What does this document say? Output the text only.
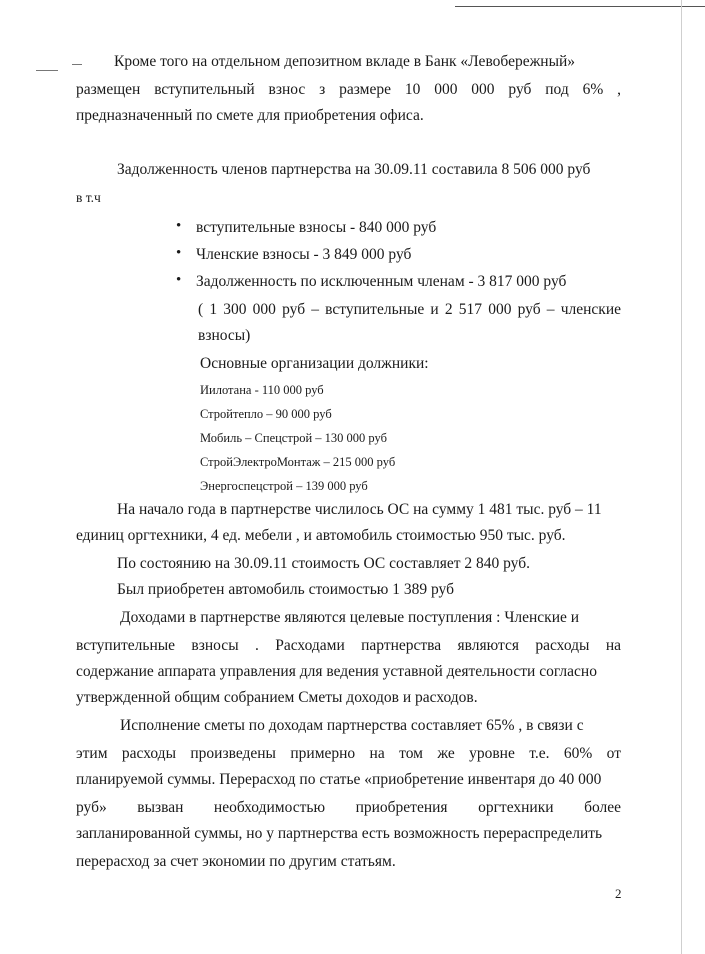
Кроме того на отдельном депозитном вкладе в Банк «Левобережный»
размещен вступительный взнос з размере 10 000 000 руб под 6% ,
предназначенный по смете для приобретения офиса.
Задолженность членов партнерства на 30.09.11 составила 8 506 000 руб
в т.ч
• вступительные взносы - 840 000 руб
• Членские взносы - 3 849 000 руб
• Задолженность по исключенным членам - 3 817 000 руб
( 1 300 000 руб – вступительные и 2 517 000 руб – членские
взносы)
Основные организации должники:
Иилотана - 110 000 руб
Стройтепло – 90 000 руб
Мобиль – Спецстрой – 130 000 руб
СтройЭлектроМонтаж – 215 000 руб
Энергоспецстрой – 139 000 руб
На начало года в партнерстве числилось ОС на сумму 1 481 тыс. руб – 11
единиц оргтехники, 4 ед. мебели , и автомобиль стоимостью 950 тыс. руб.
По состоянию на 30.09.11 стоимость ОС составляет 2 840 руб.
Был приобретен автомобиль стоимостью 1 389 руб
Доходами в партнерстве являются целевые поступления : Членские и
вступительные взносы . Расходами партнерства являются расходы на
содержание аппарата управления для ведения уставной деятельности согласно
утвержденной общим собранием Сметы доходов и расходов.
Исполнение сметы по доходам партнерства составляет 65% , в связи с
этим расходы произведены примерно на том же уровне т.е. 60% от
планируемой суммы. Перерасход по статье «приобретение инвентаря до 40 000
руб» вызван необходимостью приобретения оргтехники более
запланированной суммы, но у партнерства есть возможность перераспределить
перерасход за счет экономии по другим статьям.
2
